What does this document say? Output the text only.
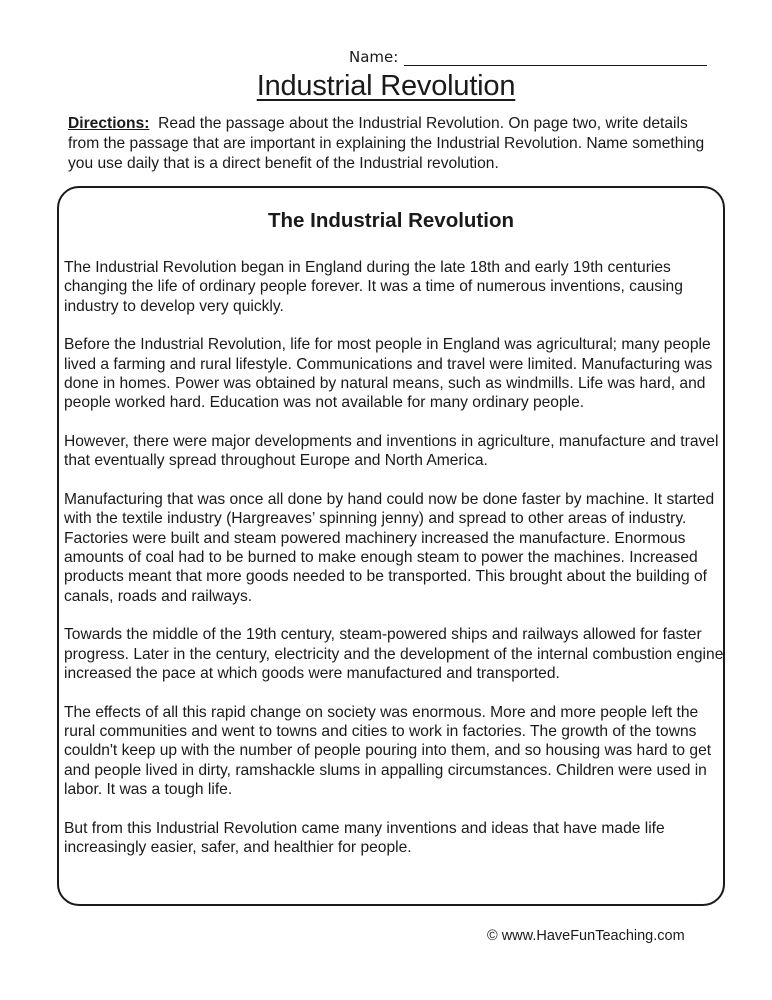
Name:
Industrial Revolution
Directions: Read the passage about the Industrial Revolution. On page two, write details from the passage that are important in explaining the Industrial Revolution. Name something you use daily that is a direct benefit of the Industrial revolution.
The Industrial Revolution

The Industrial Revolution began in England during the late 18th and early 19th centuries changing the life of ordinary people forever. It was a time of numerous inventions, causing industry to develop very quickly.

Before the Industrial Revolution, life for most people in England was agricultural; many people lived a farming and rural lifestyle. Communications and travel were limited. Manufacturing was done in homes. Power was obtained by natural means, such as windmills. Life was hard, and people worked hard. Education was not available for many ordinary people.

However, there were major developments and inventions in agriculture, manufacture and travel that eventually spread throughout Europe and North America.

Manufacturing that was once all done by hand could now be done faster by machine. It started with the textile industry (Hargreaves’ spinning jenny) and spread to other areas of industry. Factories were built and steam powered machinery increased the manufacture. Enormous amounts of coal had to be burned to make enough steam to power the machines. Increased products meant that more goods needed to be transported. This brought about the building of canals, roads and railways.

Towards the middle of the 19th century, steam-powered ships and railways allowed for faster progress. Later in the century, electricity and the development of the internal combustion engine increased the pace at which goods were manufactured and transported.

The effects of all this rapid change on society was enormous. More and more people left the rural communities and went to towns and cities to work in factories. The growth of the towns couldn't keep up with the number of people pouring into them, and so housing was hard to get and people lived in dirty, ramshackle slums in appalling circumstances. Children were used in labor. It was a tough life.

But from this Industrial Revolution came many inventions and ideas that have made life increasingly easier, safer, and healthier for people.

© www.HaveFunTeaching.com
